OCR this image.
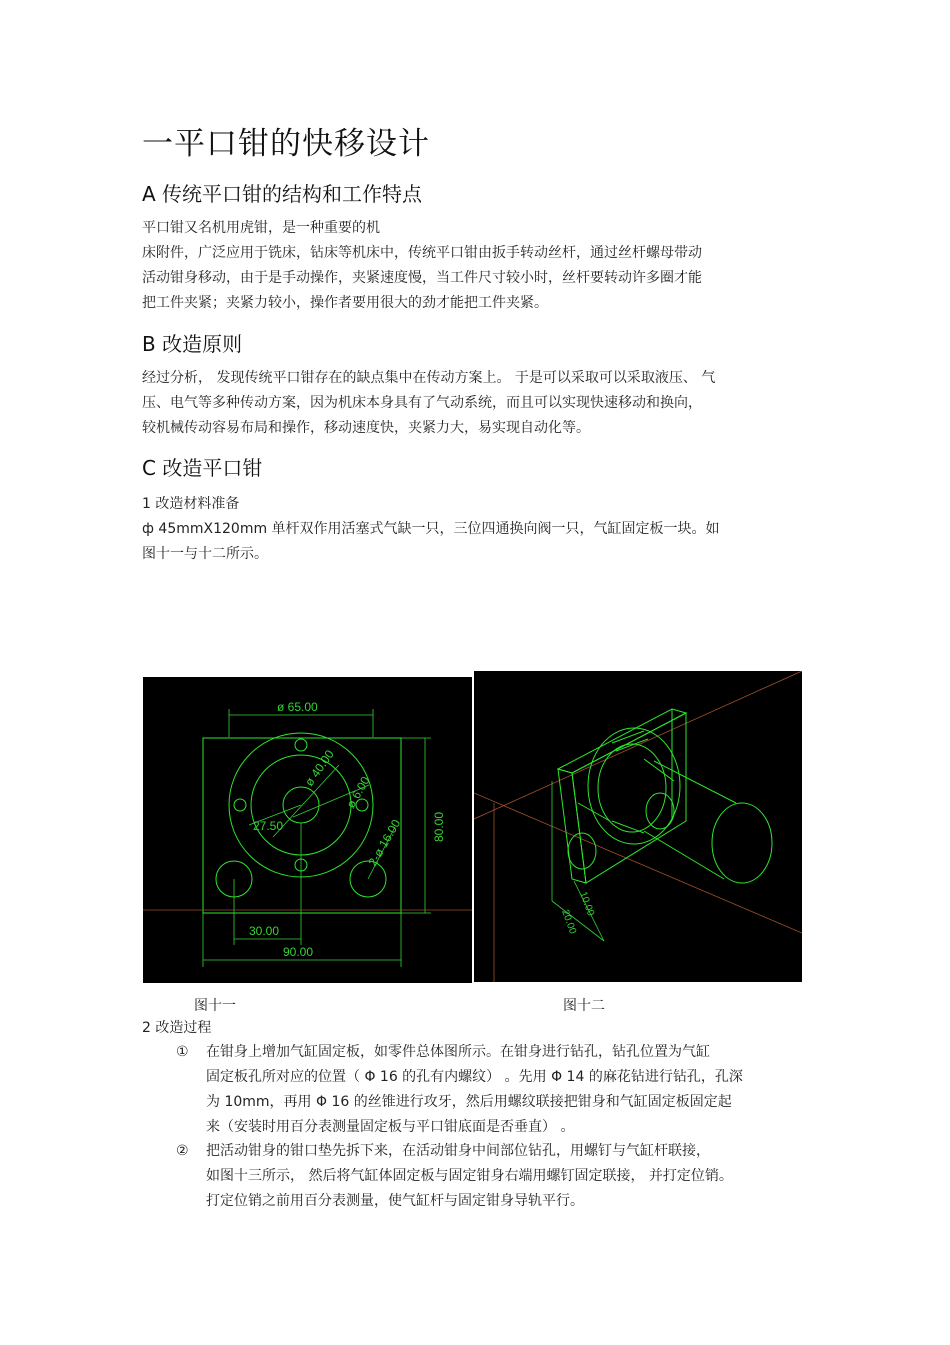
一平口钳的快移设计
A 传统平口钳的结构和工作特点
平口钳又名机用虎钳，是一种重要的机
床附件，广泛应用于铣床，钻床等机床中，传统平口钳由扳手转动丝杆，通过丝杆螺母带动
活动钳身移动，由于是手动操作，夹紧速度慢，当工件尺寸较小时，丝杆要转动许多圈才能
把工件夹紧；夹紧力较小，操作者要用很大的劲才能把工件夹紧。
B 改造原则
经过分析， 发现传统平口钳存在的缺点集中在传动方案上。 于是可以采取可以采取液压、 气
压、电气等多种传动方案，因为机床本身具有了气动系统，而且可以实现快速移动和换向，
较机械传动容易布局和操作，移动速度快，夹紧力大，易实现自动化等。
C 改造平口钳
1 改造材料准备
ф 45mmX120mm 单杆双作用活塞式气缺一只，三位四通换向阀一只，气缸固定板一块。如
图十一与十二所示。
ø 65.00
80.00
30.00
90.00
27.50
ø 40.00
ø 6.00
2-ø 16.00
10.00
20.00
图十一	图十二
2 改造过程
① 在钳身上增加气缸固定板，如零件总体图所示。在钳身进行钻孔，钻孔位置为气缸
固定板孔所对应的位置（ Φ 16 的孔有内螺纹） 。先用 Φ 14 的麻花钻进行钻孔，孔深
为 10mm，再用 Φ 16 的丝锥进行攻牙，然后用螺纹联接把钳身和气缸固定板固定起
来（安装时用百分表测量固定板与平口钳底面是否垂直） 。
② 把活动钳身的钳口垫先拆下来，在活动钳身中间部位钻孔，用螺钉与气缸杆联接，
如图十三所示， 然后将气缸体固定板与固定钳身右端用螺钉固定联接， 并打定位销。
打定位销之前用百分表测量，使气缸杆与固定钳身导轨平行。
